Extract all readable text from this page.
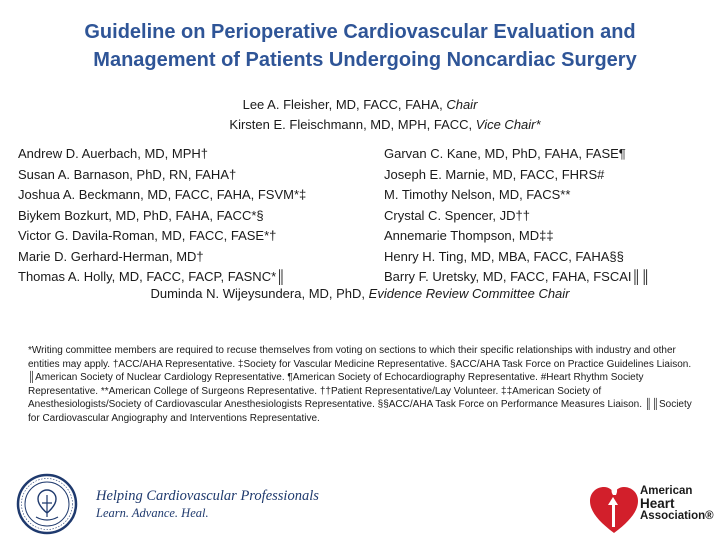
Guideline on Perioperative Cardiovascular Evaluation and
Management of Patients Undergoing Noncardiac Surgery
Lee A. Fleisher, MD, FACC, FAHA, Chair
Kirsten E. Fleischmann, MD, MPH, FACC, Vice Chair*
Andrew D. Auerbach, MD, MPH†
Susan A. Barnason, PhD, RN, FAHA†
Joshua A. Beckmann, MD, FACC, FAHA, FSVM*‡
Biykem Bozkurt, MD, PhD, FAHA, FACC*§
Victor G. Davila-Roman, MD, FACC, FASE*†
Marie D. Gerhard-Herman, MD†
Thomas A. Holly, MD, FACC, FACP, FASNC*║
Garvan C. Kane, MD, PhD, FAHA, FASE¶
Joseph E. Marnie, MD, FACC, FHRS#
M. Timothy Nelson, MD, FACS**
Crystal C. Spencer, JD††
Annemarie Thompson, MD‡‡
Henry H. Ting, MD, MBA, FACC, FAHA§§
Barry F. Uretsky, MD, FACC, FAHA, FSCAI║║
Duminda N. Wijeysundera, MD, PhD, Evidence Review Committee Chair
*Writing committee members are required to recuse themselves from voting on sections to which their specific relationships with industry and other entities may apply. †ACC/AHA Representative. ‡Society for Vascular Medicine Representative. §ACC/AHA Task Force on Practice Guidelines Liaison. ║American Society of Nuclear Cardiology Representative. ¶American Society of Echocardiography Representative. #Heart Rhythm Society Representative. **American College of Surgeons Representative. ††Patient Representative/Lay Volunteer. ‡‡American Society of Anesthesiologists/Society of Cardiovascular Anesthesiologists Representative. §§ACC/AHA Task Force on Performance Measures Liaison. ║║Society for Cardiovascular Angiography and Interventions Representative.
Helping Cardiovascular Professionals
Learn. Advance. Heal.
American
Heart
Association®
